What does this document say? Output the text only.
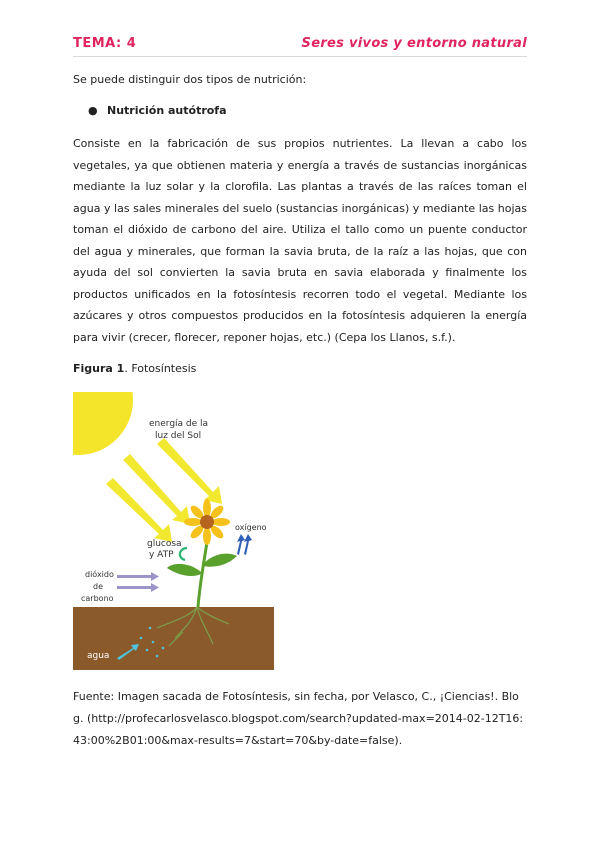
TEMA: 4	Seres vivos y entorno natural
Se puede distinguir dos tipos de nutrición:
● Nutrición autótrofa
Consiste en la fabricación de sus propios nutrientes. La llevan a cabo los vegetales, ya que obtienen materia y energía a través de sustancias inorgánicas mediante la luz solar y la clorofila. Las plantas a través de las raíces toman el agua y las sales minerales del suelo (sustancias inorgánicas) y mediante las hojas toman el dióxido de carbono del aire. Utiliza el tallo como un puente conductor del agua y minerales, que forman la savia bruta, de la raíz a las hojas, que con ayuda del sol convierten la savia bruta en savia elaborada y finalmente los productos unificados en la fotosíntesis recorren todo el vegetal. Mediante los azúcares y otros compuestos producidos en la fotosíntesis adquieren la energía para vivir (crecer, florecer, reponer hojas, etc.) (Cepa los Llanos, s.f.).
Figura 1. Fotosíntesis
energía de la
luz del Sol
oxígeno
glucosa
y ATP
dióxido
de
carbono
agua
Fuente: Imagen sacada de Fotosíntesis, sin fecha, por Velasco, C., ¡Ciencias!. Blog. (http://profecarlosvelasco.blogspot.com/search?updated-max=2014-02-12T16:43:00%2B01:00&max-results=7&start=70&by-date=false).
